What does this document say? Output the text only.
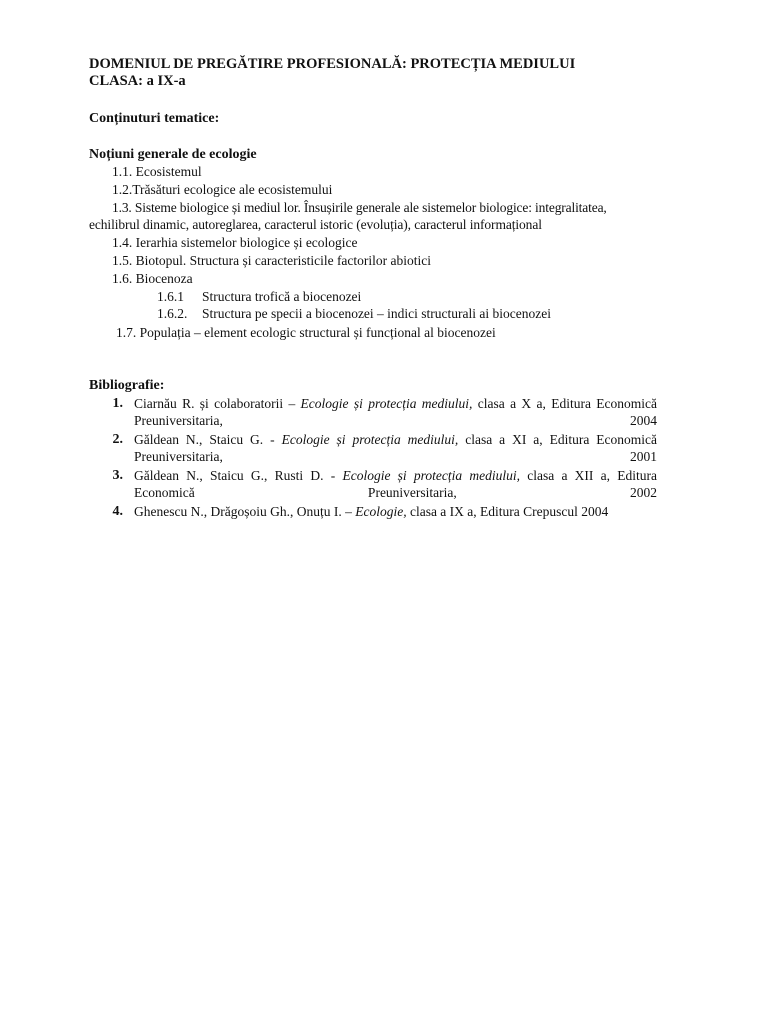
DOMENIUL DE PREGĂTIRE PROFESIONALĂ: PROTECȚIA MEDIULUI
CLASA: a IX-a
Conținuturi tematice:
Noțiuni generale de ecologie
1.1. Ecosistemul
1.2.Trăsături ecologice ale ecosistemului
1.3. Sisteme biologice și mediul lor. Însușirile generale ale sistemelor biologice: integralitatea,
echilibrul dinamic, autoreglarea, caracterul istoric (evoluția), caracterul informațional
1.4. Ierarhia sistemelor biologice și ecologice
1.5. Biotopul. Structura și caracteristicile factorilor abiotici
1.6. Biocenoza
1.6.1 Structura trofică a biocenozei
1.6.2. Structura pe specii a biocenozei – indici structurali ai biocenozei
1.7. Populația – element ecologic structural și funcțional al biocenozei
Bibliografie:
1. Ciarnău R. și colaboratorii – Ecologie și protecția mediului, clasa a X a, Editura Economică
Preuniversitaria, 2004
2. Găldean N., Staicu G. - Ecologie și protecția mediului, clasa a XI a, Editura Economică
Preuniversitaria, 2001
3. Găldean N., Staicu G., Rusti D. - Ecologie și protecția mediului, clasa a XII a, Editura
Economică Preuniversitaria, 2002
4. Ghenescu N., Drăgoșoiu Gh., Onuțu I. – Ecologie, clasa a IX a, Editura Crepuscul 2004
